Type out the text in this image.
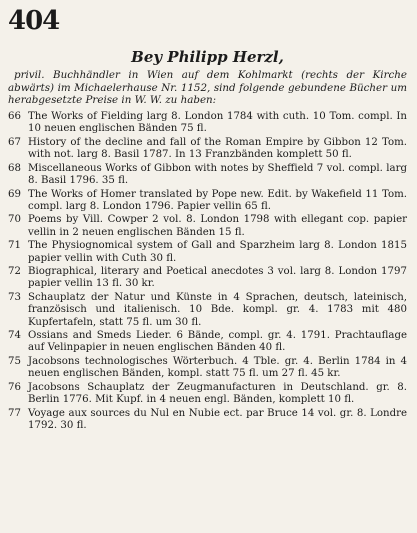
404
Bey Philipp Herzl,
privil. Buchhändler in Wien auf dem Kohlmarkt (rechts der Kirche abwärts) im Michaelerhause Nr. 1152, sind folgende gebundene Bücher um herabgesetzte Preise in W. W. zu haben:
66 The Works of Fielding larg 8. London 1784 with cuth. 10 Tom. compl. In 10 neuen englischen Bänden 75 fl.
67 History of the decline and fall of the Roman Empire by Gibbon 12 Tom. with not. larg 8. Basil 1787. In 13 Franzbänden komplett 50 fl.
68 Miscellaneous Works of Gibbon with notes by Sheffield 7 vol. compl. larg 8. Basil 1796. 35 fl.
69 The Works of Homer translated by Pope new. Edit. by Wakefield 11 Tom. compl. larg 8. London 1796. Papier vellin 65 fl.
70 Poems by Vill. Cowper 2 vol. 8. London 1798 with ellegant cop. papier vellin in 2 neuen englischen Bänden 15 fl.
71 The Physiognomical system of Gall and Sparzheim larg 8. London 1815 papier vellin with Cuth 30 fl.
72 Biographical, literary and Poetical anecdotes 3 vol. larg 8. London 1797 papier vellin 13 fl. 30 kr.
73 Schauplatz der Natur und Künste in 4 Sprachen, deutsch, lateinisch, französisch und italienisch. 10 Bde. kompl. gr. 4. 1783 mit 480 Kupfertafeln, statt 75 fl. um 30 fl.
74 Ossians and Smeds Lieder. 6 Bände, compl. gr. 4. 1791. Prachtauflage auf Velinpapier in neuen englischen Bänden 40 fl.
75 Jacobsons technologisches Wörterbuch. 4 Tble. gr. 4. Berlin 1784 in 4 neuen englischen Bänden, kompl. statt 75 fl. um 27 fl. 45 kr.
76 Jacobsons Schauplatz der Zeugmanufacturen in Deutschland. gr. 8. Berlin 1776. Mit Kupf. in 4 neuen engl. Bänden, komplett 10 fl.
77 Voyage aux sources du Nul en Nubie ect. par Bruce 14 vol. gr. 8. Londre 1792. 30 fl.
